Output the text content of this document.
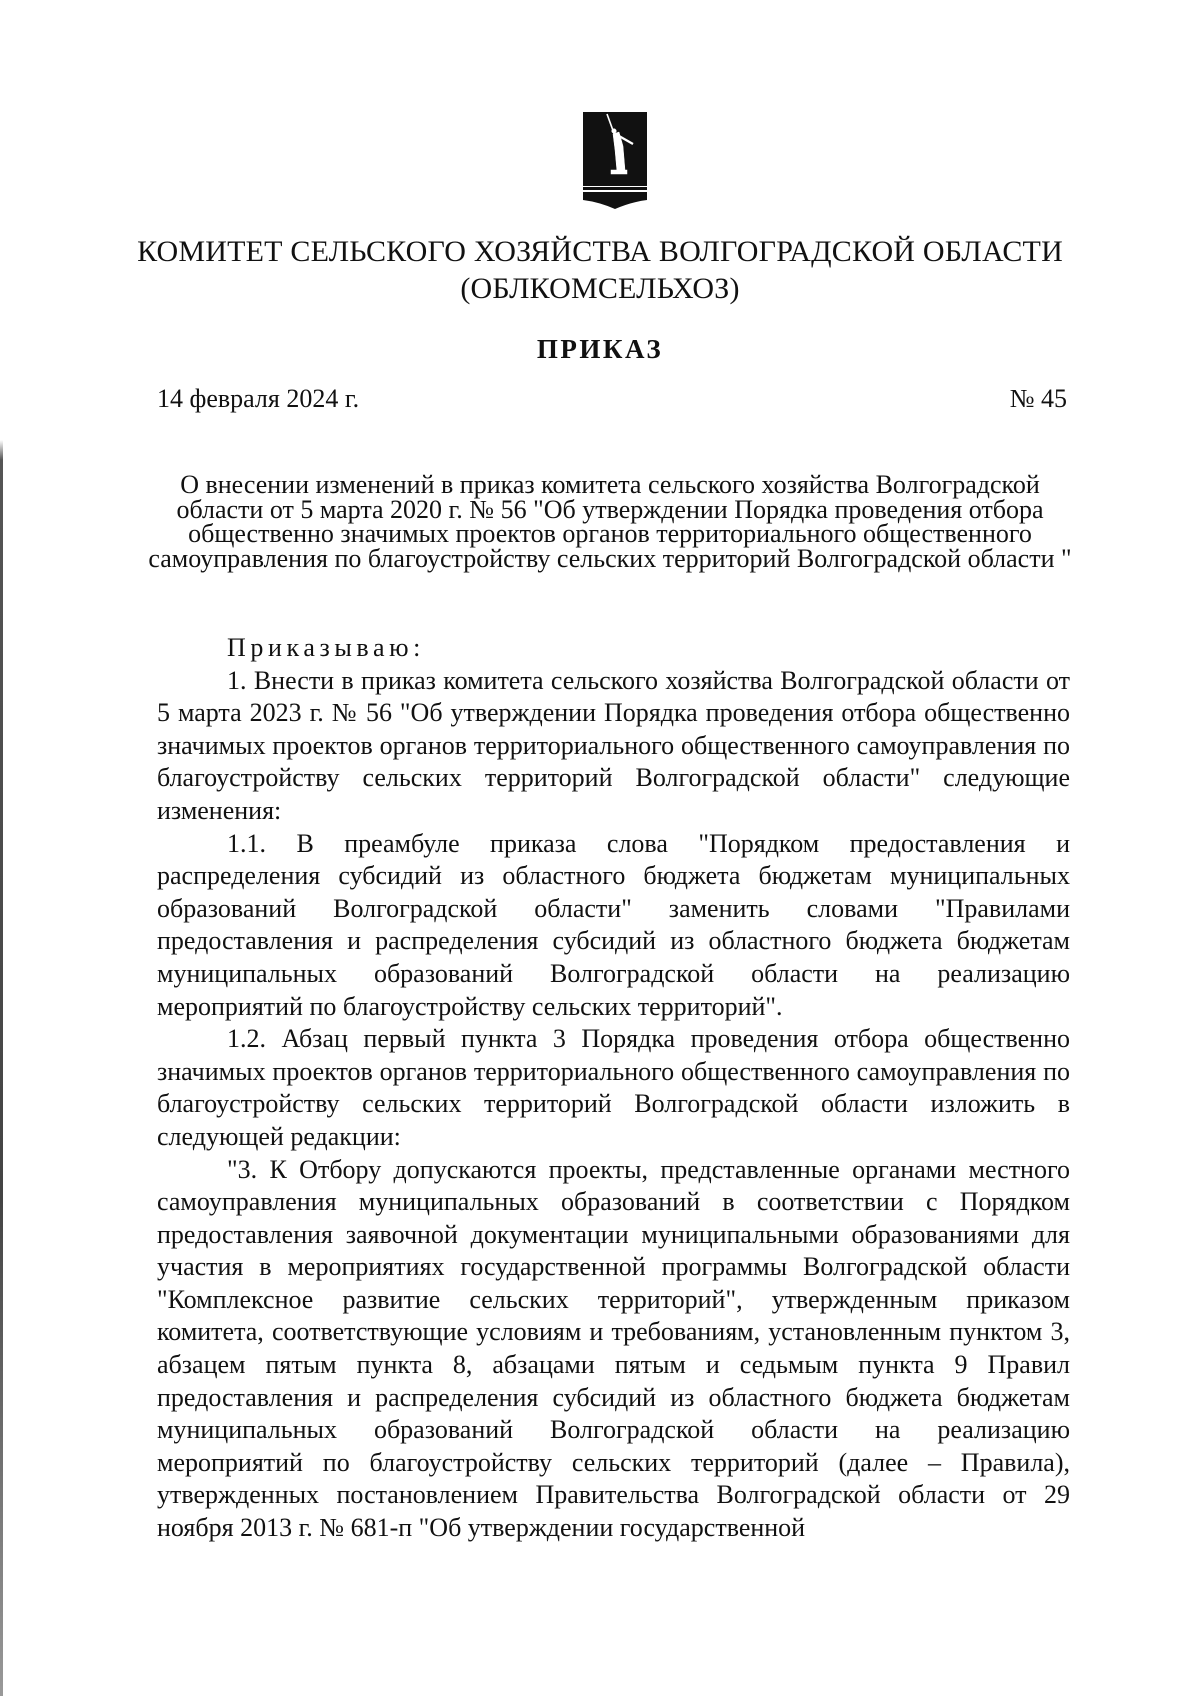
КОМИТЕТ СЕЛЬСКОГО ХОЗЯЙСТВА ВОЛГОГРАДСКОЙ ОБЛАСТИ
(ОБЛКОМСЕЛЬХОЗ)
ПРИКАЗ
14 февраля 2024 г.	№ 45
О внесении изменений в приказ комитета сельского хозяйства Волгоградской области от 5 марта 2020 г. № 56 "Об утверждении Порядка проведения отбора общественно значимых проектов органов территориального общественного самоуправления по благоустройству сельских территорий Волгоградской области "
Приказываю:

1. Внести в приказ комитета сельского хозяйства Волгоградской области от 5 марта 2023 г. № 56 "Об утверждении Порядка проведения отбора общественно значимых проектов органов территориального общественного самоуправления по благоустройству сельских территорий Волгоградской области" следующие изменения:

1.1. В преамбуле приказа слова "Порядком предоставления и распределения субсидий из областного бюджета бюджетам муниципальных образований Волгоградской области" заменить словами "Правилами предоставления и распределения субсидий из областного бюджета бюджетам муниципальных образований Волгоградской области на реализацию мероприятий по благоустройству сельских территорий".

1.2. Абзац первый пункта 3 Порядка проведения отбора общественно значимых проектов органов территориального общественного самоуправления по благоустройству сельских территорий Волгоградской области изложить в следующей редакции:

"3. К Отбору допускаются проекты, представленные органами местного самоуправления муниципальных образований в соответствии с Порядком предоставления заявочной документации муниципальными образованиями для участия в мероприятиях государственной программы Волгоградской области "Комплексное развитие сельских территорий", утвержденным приказом комитета, соответствующие условиям и требованиям, установленным пунктом 3, абзацем пятым пункта 8, абзацами пятым и седьмым пункта 9 Правил предоставления и распределения субсидий из областного бюджета бюджетам муниципальных образований Волгоградской области на реализацию мероприятий по благоустройству сельских территорий (далее – Правила), утвержденных постановлением Правительства Волгоградской области от 29 ноября 2013 г. № 681-п "Об утверждении государственной
